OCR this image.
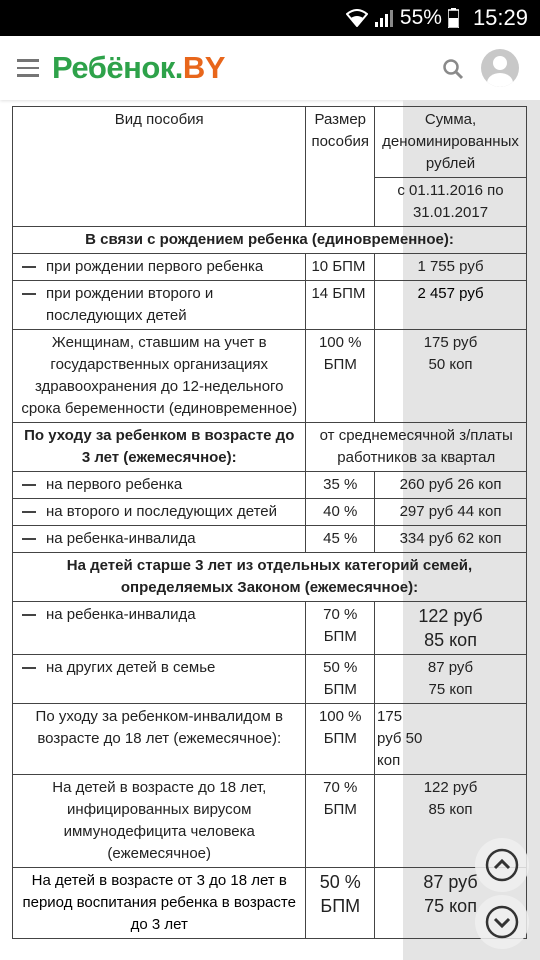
55% 15:29
Ребёнок.BY
Вид пособия	Размер пособия	Сумма, деноминированных рублей
		с 01.11.2016 по 31.01.2017
В связи с рождением ребенка (единовременное):		
при рождении первого ребенка	10 БПМ	1 755 руб

при рождении второго и последующих детей	14 БПМ	2 457 руб
Женщинам, ставшим на учет в государственных организациях здравоохранения до 12-недельного срока беременности (единовременное)	100 % БПМ	175 руб 50 коп
По уходу за ребенком в возрасте до 3 лет (ежемесячное):	от среднемесячной з/платы работников за квартал	
на первого ребенка	35 %	260 руб 26 коп
на второго и последующих детей	40 %	297 руб 44 коп
на ребенка-инвалида	45 %	334 руб 62 коп
На детей старше 3 лет из отдельных категорий семей, определяемых Законом (ежемесячное):		
на ребенка-инвалида	70 % БПМ	122 руб 85 коп
на других детей в семье	50 % БПМ	87 руб 75 коп
По уходу за ребенком-инвалидом в возрасте до 18 лет (ежемесячное):	100 % БПМ	175 руб 50 коп
На детей в возрасте до 18 лет, инфицированных вирусом иммунодефицита человека (ежемесячное)	70 % БПМ	122 руб 85 коп
На детей в возрасте от 3 до 18 лет в период воспитания ребенка в возрасте до 3 лет	50 % БПМ	87 руб 75 коп
